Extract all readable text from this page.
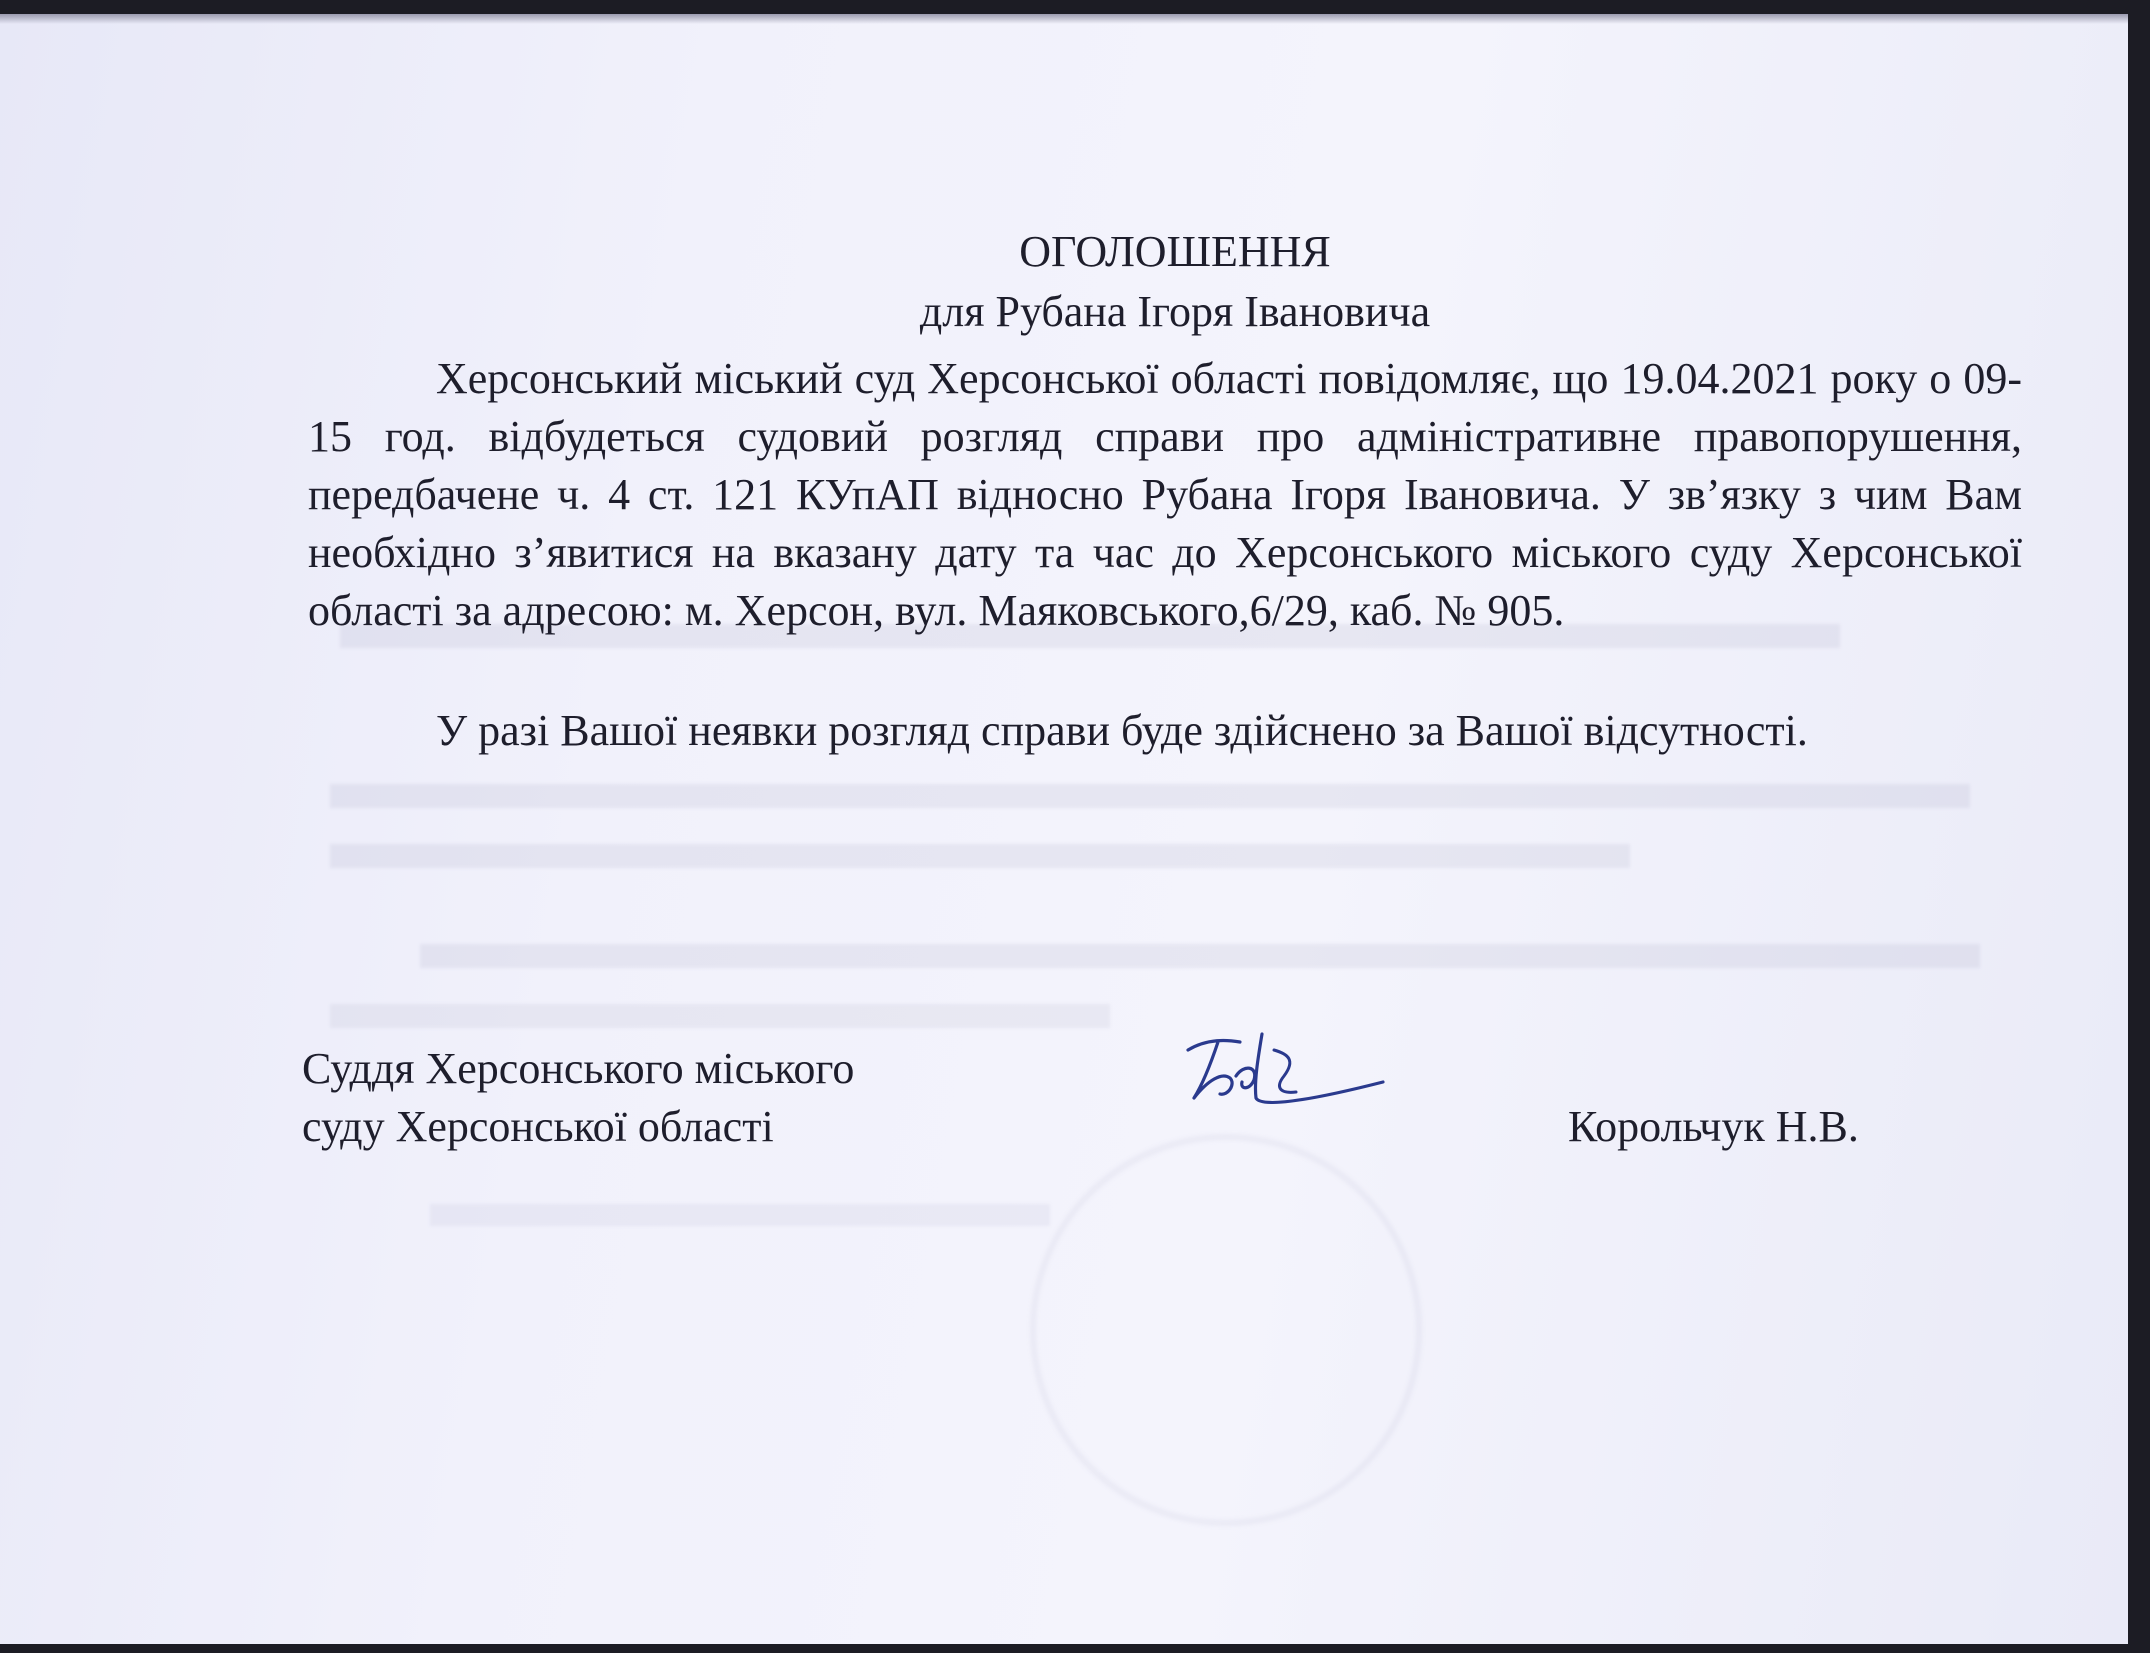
ОГОЛОШЕННЯ
для Рубана Ігоря Івановича

Херсонський міський суд Херсонської області повідомляє, що 19.04.2021 року о 09-15 год. відбудеться судовий розгляд справи про адміністративне правопорушення, передбачене ч. 4 ст. 121 КУпАП відносно Рубана Ігоря Івановича. У зв’язку з чим Вам необхідно з’явитися на вказану дату та час до Херсонського міського суду Херсонської області за адресою: м. Херсон, вул. Маяковського,6/29, каб. № 905.

У разі Вашої неявки розгляд справи буде здійснено за Вашої відсутності.

Суддя Херсонського міського
суду Херсонської області	Корольчук Н.В.
